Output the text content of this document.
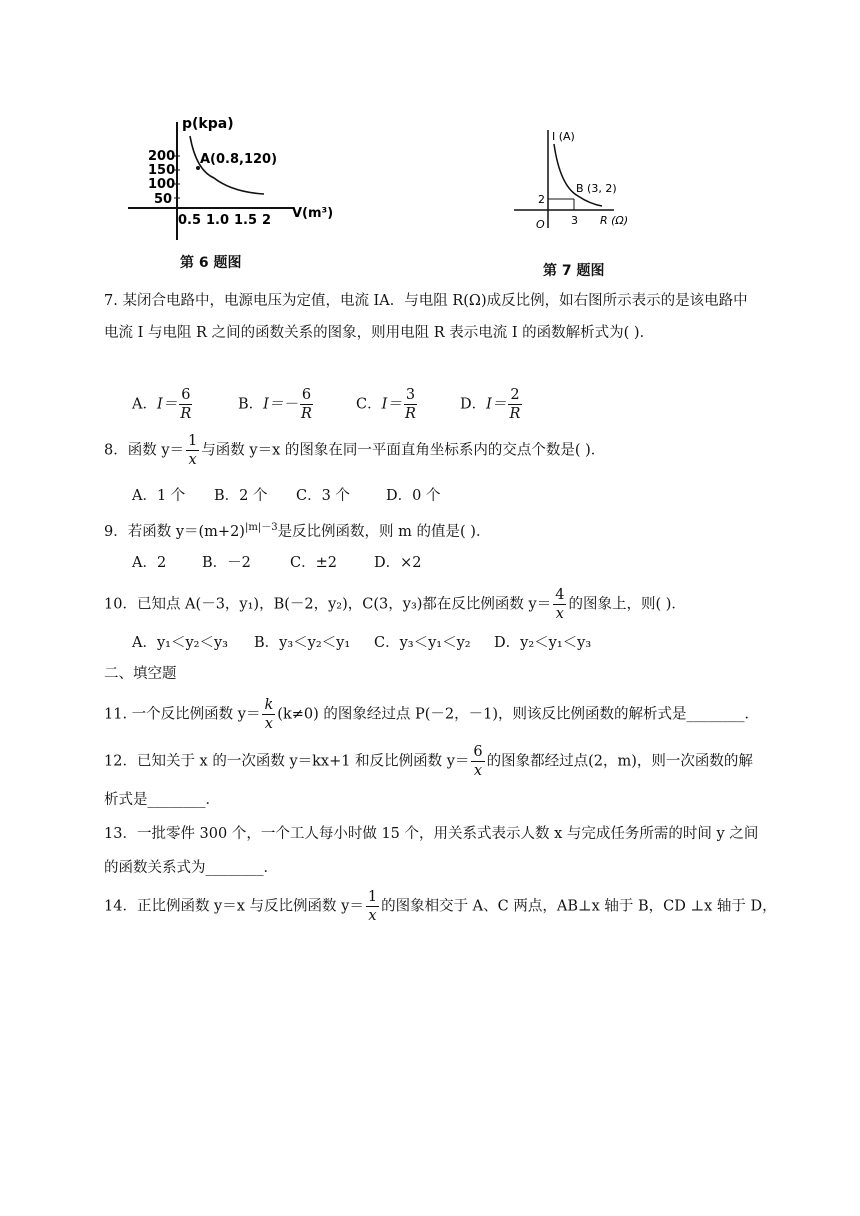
p(kpa)
200
150
100
50
A(0.8,120)
0.5 1.0 1.5 2 V(m³)
第 6 题图
I (A)
B (3, 2)
2
O 3 R (Ω)
第 7 题图
7. 某闭合电路中，电源电压为定值，电流 IA．与电阻 R(Ω)成反比例，如右图所示表示的是该电路中
电流 I 与电阻 R 之间的函数关系的图象，则用电阻 R 表示电流 I 的函数解析式为( )．
A．$I= \frac{6}{R}$	B．$I=- \frac{6}{R}$	C．$I= \frac{3}{R}$	D．$I= \frac{2}{R}$
8．函数 $y= \frac{1}{x}$ 与函数 y＝x 的图象在同一平面直角坐标系内的交点个数是( )．
A．1 个 B．2 个 C．3 个 D．0 个
9．若函数 $y=(m+2)^{|m|-3}$是反比例函数，则 m 的值是( )．
A．2 B．－2	C．±2	D．×2
10．已知点 A(－3，y₁)，B(－2，y₂)，C(3，y₃)都在反比例函数 $y= \frac{4}{x}$ 的图象上，则( )．
A．y₁＜y₂＜y₃ B．y₃＜y₂＜y₁ C．y₃＜y₁＜y₂ D．y₂＜y₁＜y₃
二、填空题
11. 一个反比例函数 $y= \frac{k}{x} (k\ne 0)$ 的图象经过点 P(－2，－1)，则该反比例函数的解析式是________．
12．已知关于 x 的一次函数 y＝kx+1 和反比例函数 $y= \frac{6}{x}$ 的图象都经过点(2，m)，则一次函数的解
析式是________．
13．一批零件 300 个，一个工人每小时做 15 个，用关系式表示人数 x 与完成任务所需的时间 y 之间
的函数关系式为________．
14．正比例函数 y＝x 与反比例函数 $y= \frac{1}{x}$ 的图象相交于 A、C 两点，AB⊥x 轴于 B，CD ⊥x 轴于 D，
